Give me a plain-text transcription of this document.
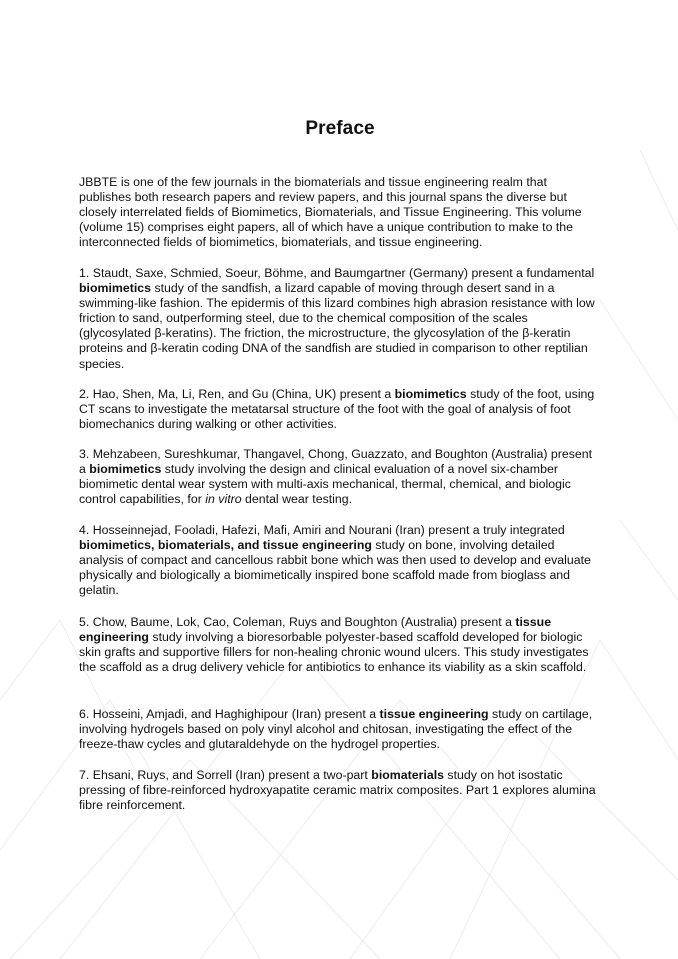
Preface

JBBTE is one of the few journals in the biomaterials and tissue engineering realm that publishes both research papers and review papers, and this journal spans the diverse but closely interrelated fields of Biomimetics, Biomaterials, and Tissue Engineering. This volume (volume 15) comprises eight papers, all of which have a unique contribution to make to the interconnected fields of biomimetics, biomaterials, and tissue engineering.

1. Staudt, Saxe, Schmied, Soeur, Böhme, and Baumgartner (Germany) present a fundamental biomimetics study of the sandfish, a lizard capable of moving through desert sand in a swimming-like fashion. The epidermis of this lizard combines high abrasion resistance with low friction to sand, outperforming steel, due to the chemical composition of the scales (glycosylated β-keratins). The friction, the microstructure, the glycosylation of the β-keratin proteins and β-keratin coding DNA of the sandfish are studied in comparison to other reptilian species.

2. Hao, Shen, Ma, Li, Ren, and Gu (China, UK) present a biomimetics study of the foot, using CT scans to investigate the metatarsal structure of the foot with the goal of analysis of foot biomechanics during walking or other activities.

3. Mehzabeen, Sureshkumar, Thangavel, Chong, Guazzato, and Boughton (Australia) present a biomimetics study involving the design and clinical evaluation of a novel six-chamber biomimetic dental wear system with multi-axis mechanical, thermal, chemical, and biologic control capabilities, for in vitro dental wear testing.

4. Hosseinnejad, Fooladi, Hafezi, Mafi, Amiri and Nourani (Iran) present a truly integrated biomimetics, biomaterials, and tissue engineering study on bone, involving detailed analysis of compact and cancellous rabbit bone which was then used to develop and evaluate physically and biologically a biomimetically inspired bone scaffold made from bioglass and gelatin.

5. Chow, Baume, Lok, Cao, Coleman, Ruys and Boughton (Australia) present a tissue engineering study involving a bioresorbable polyester-based scaffold developed for biologic skin grafts and supportive fillers for non-healing chronic wound ulcers. This study investigates the scaffold as a drug delivery vehicle for antibiotics to enhance its viability as a skin scaffold.

6. Hosseini, Amjadi, and Haghighipour (Iran) present a tissue engineering study on cartilage, involving hydrogels based on poly vinyl alcohol and chitosan, investigating the effect of the freeze-thaw cycles and glutaraldehyde on the hydrogel properties.

7. Ehsani, Ruys, and Sorrell (Iran) present a two-part biomaterials study on hot isostatic pressing of fibre-reinforced hydroxyapatite ceramic matrix composites. Part 1 explores alumina fibre reinforcement.
